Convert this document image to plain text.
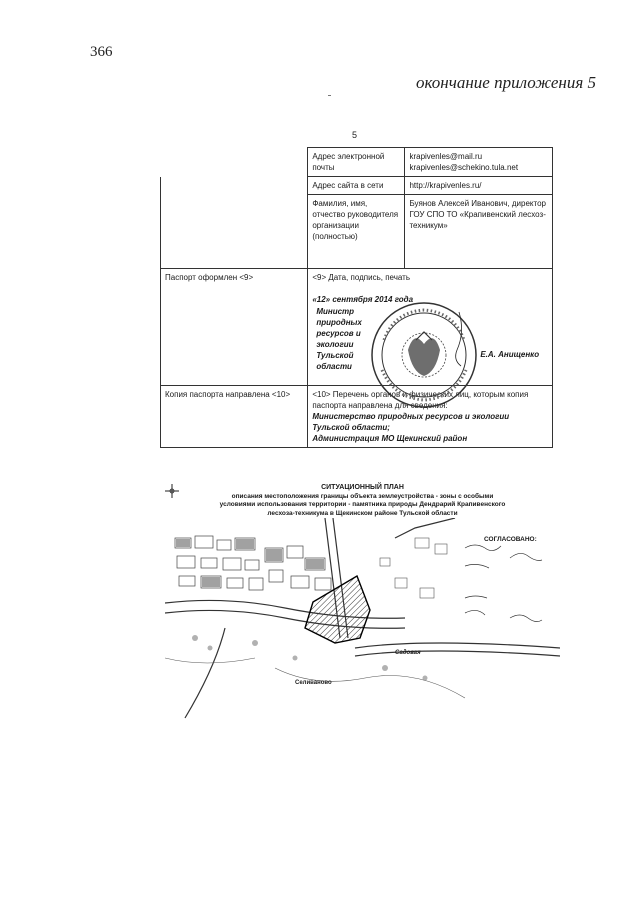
366
окончание приложения 5
5
	Адрес электронной почты	krapivenles@mail.ru
krapivenles@schekino.tula.net
	Адрес сайта в сети	http://krapivenles.ru/
	Фамилия, имя, отчество руководителя организации (полностью)	Буянов Алексей Иванович, директор ГОУ СПО ТО «Крапивенский лесхоз-техникум»
Паспорт оформлен <9>	<9> Дата, подпись, печать
«12» сентября 2014 года
Министр природных ресурсов и экологии Тульской области
Е.А. Анищенко	

Копия паспорта направлена <10>	<10> Перечень органов и физических лиц, которым копия паспорта направлена для сведения:
Министерство природных ресурсов и экологии Тульской области;
Администрация МО Щекинский район	
СИТУАЦИОННЫЙ ПЛАН
описания местоположения границы объекта землеустройства - зоны с особыми
условиями использования территории - памятника природы Дендрарий Крапивенского
лесхоза-техникума в Щекинском районе Тульской области
СОГЛАСОВАНО:
Селиваново
Садовая
